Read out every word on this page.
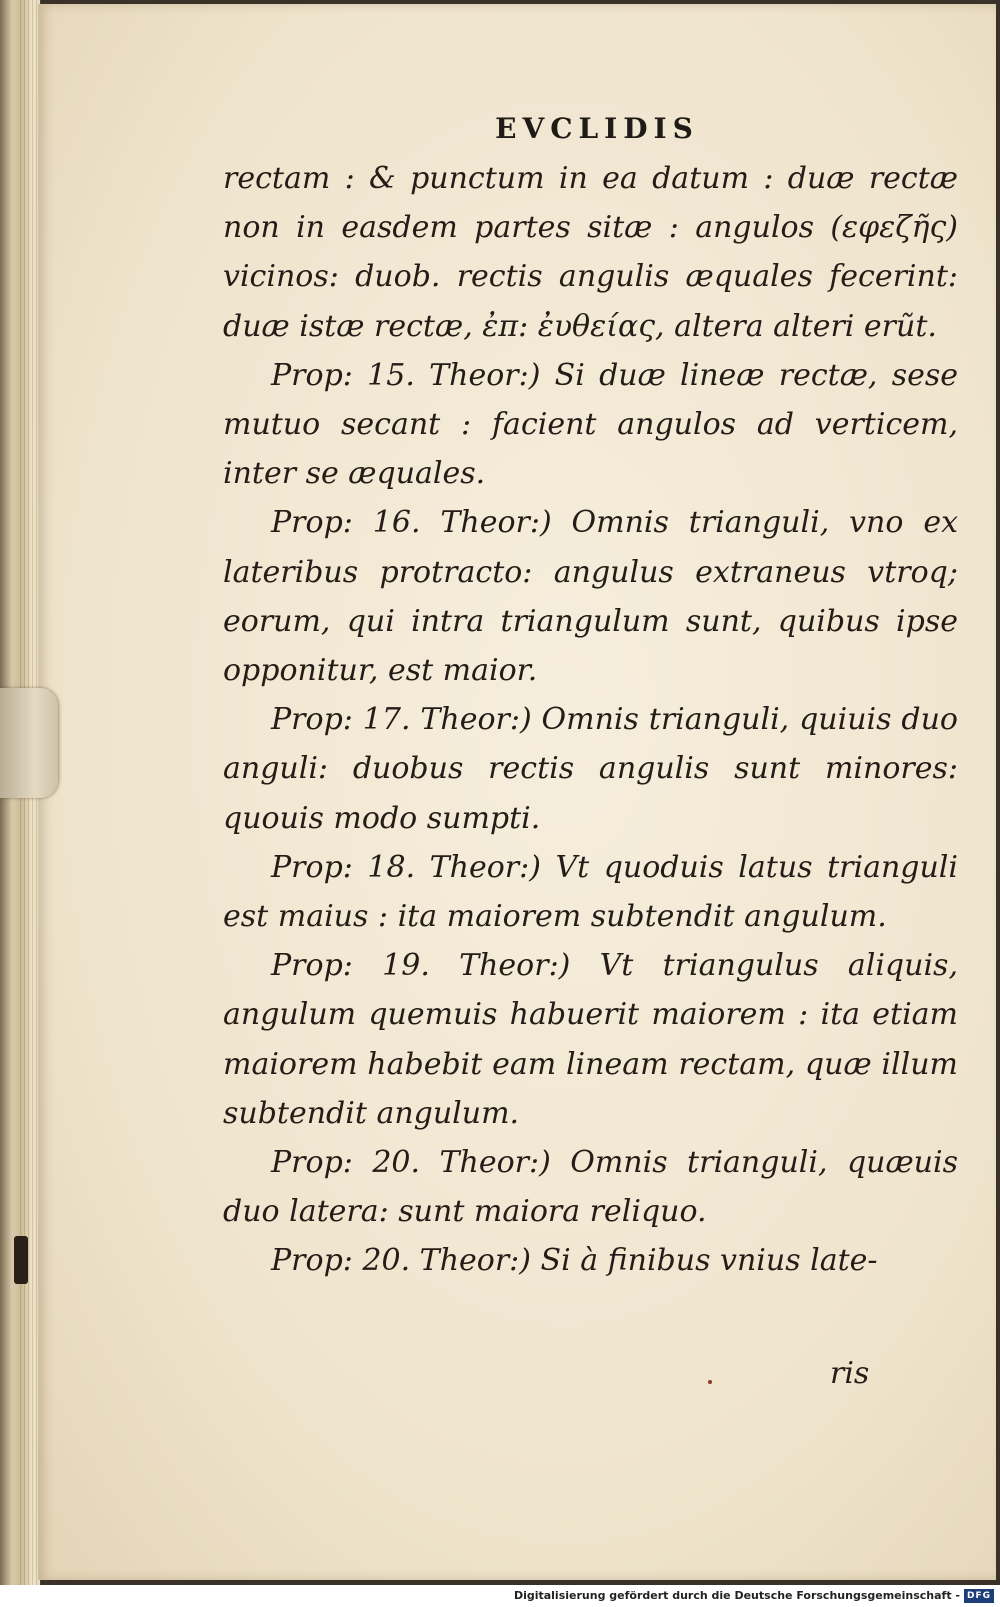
EVCLIDIS

rectam : & punctum in ea datum : duæ rectæ non in easdem partes sitæ : angulos (εφεζῆς) vicinos: duob. rectis angulis æquales fecerint: duæ istæ rectæ, ἐπ: ἐυθείας, altera alteri erũt.

Prop: 15. Theor:) Si duæ lineæ rectæ, sese mutuo secant : facient angulos ad verticem, inter se æquales.

Prop: 16. Theor:) Omnis trianguli, vno ex lateribus protracto: angulus extraneus vtroq; eorum, qui intra triangulum sunt, quibus ipse opponitur, est maior.

Prop: 17. Theor:) Omnis trianguli, quiuis duo anguli: duobus rectis angulis sunt minores: quouis modo sumpti.

Prop: 18. Theor:) Vt quoduis latus trianguli est maius : ita maiorem subtendit angulum.

Prop: 19. Theor:) Vt triangulus aliquis, angulum quemuis habuerit maiorem : ita etiam maiorem habebit eam lineam rectam, quæ illum subtendit angulum.

Prop: 20. Theor:) Omnis trianguli, quæuis duo latera: sunt maiora reliquo.

Prop: 20. Theor:) Si à finibus vnius late-

ris

Digitalisierung gefördert durch die Deutsche Forschungsgemeinschaft - DFG
